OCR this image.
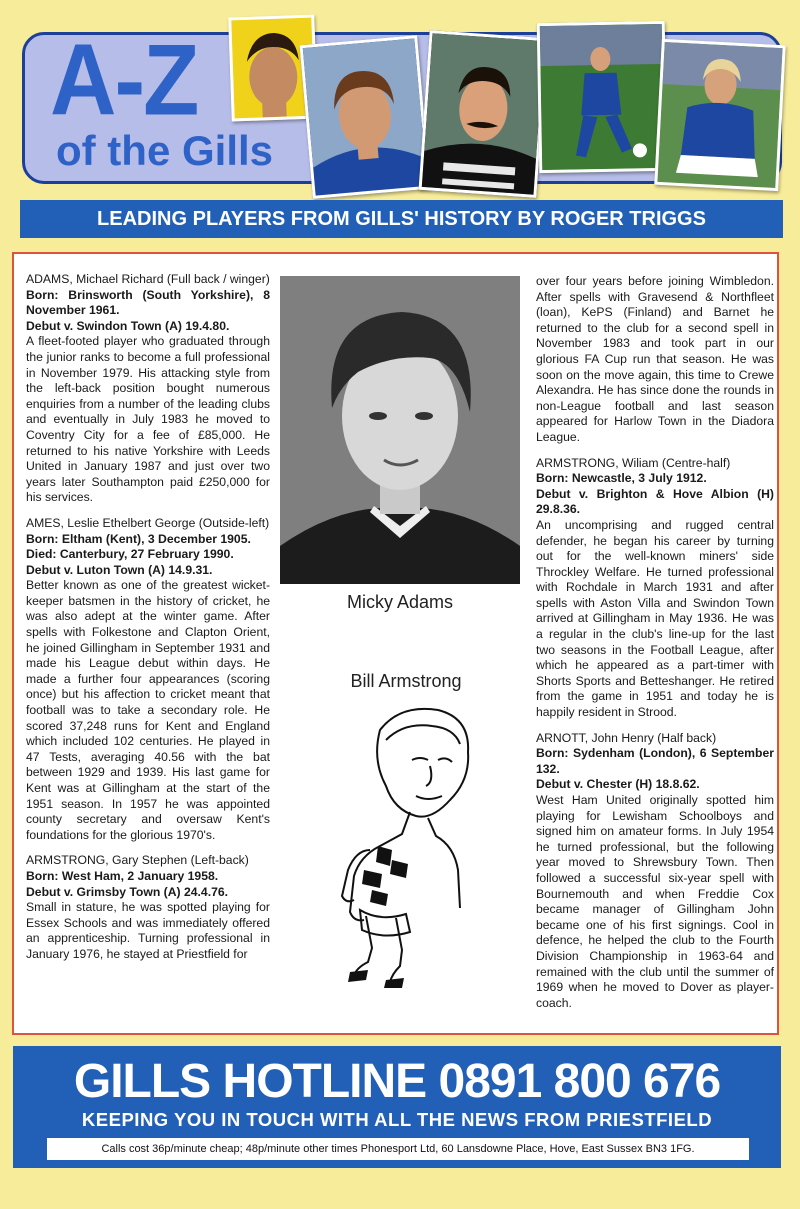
A-Z
of the Gills
LEADING PLAYERS FROM GILLS' HISTORY BY ROGER TRIGGS

ADAMS, Michael Richard (Full back / winger)

Born: Brinsworth (South Yorkshire), 8 November 1961.

Debut v. Swindon Town (A) 19.4.80.

A fleet-footed player who graduated through the junior ranks to become a full professional in November 1979. His attacking style from the left-back position bought numerous enquiries from a number of the leading clubs and eventually in July 1983 he moved to Coventry City for a fee of £85,000. He returned to his native Yorkshire with Leeds United in January 1987 and just over two years later Southampton paid £250,000 for his services.

AMES, Leslie Ethelbert George (Outside-left)

Born: Eltham (Kent), 3 December 1905.

Died: Canterbury, 27 February 1990.

Debut v. Luton Town (A) 14.9.31.

Better known as one of the greatest wicket-keeper batsmen in the history of cricket, he was also adept at the winter game. After spells with Folkestone and Clapton Orient, he joined Gillingham in September 1931 and made his League debut within days. He made a further four appearances (scoring once) but his affection to cricket meant that football was to take a secondary role. He scored 37,248 runs for Kent and England which included 102 centuries. He played in 47 Tests, averaging 40.56 with the bat between 1929 and 1939. His last game for Kent was at Gillingham at the start of the 1951 season. In 1957 he was appointed county secretary and oversaw Kent's foundations for the glorious 1970's.

ARMSTRONG, Gary Stephen (Left-back)

Born: West Ham, 2 January 1958.

Debut v. Grimsby Town (A) 24.4.76.

Small in stature, he was spotted playing for Essex Schools and was immediately offered an apprenticeship. Turning professional in January 1976, he stayed at Priestfield for

Micky Adams
Bill Armstrong

over four years before joining Wimbledon. After spells with Gravesend & Northfleet (loan), KePS (Finland) and Barnet he returned to the club for a second spell in November 1983 and took part in our glorious FA Cup run that season. He was soon on the move again, this time to Crewe Alexandra. He has since done the rounds in non-League football and last season appeared for Harlow Town in the Diadora League.

ARMSTRONG, Wiliam (Centre-half)

Born: Newcastle, 3 July 1912.

Debut v. Brighton & Hove Albion (H) 29.8.36.

An uncomprising and rugged central defender, he began his career by turning out for the well-known miners' side Throckley Welfare. He turned professional with Rochdale in March 1931 and after spells with Aston Villa and Swindon Town arrived at Gillingham in May 1936. He was a regular in the club's line-up for the last two seasons in the Football League, after which he appeared as a part-timer with Shorts Sports and Betteshanger. He retired from the game in 1951 and today he is happily resident in Strood.

ARNOTT, John Henry (Half back)

Born: Sydenham (London), 6 September 132.

Debut v. Chester (H) 18.8.62.

West Ham United originally spotted him playing for Lewisham Schoolboys and signed him on amateur forms. In July 1954 he turned professional, but the following year moved to Shrewsbury Town. Then followed a successful six-year spell with Bournemouth and when Freddie Cox became manager of Gillingham John became one of his first signings. Cool in defence, he helped the club to the Fourth Division Championship in 1963-64 and remained with the club until the summer of 1969 when he moved to Dover as player-coach.

GILLS HOTLINE 0891 800 676
KEEPING YOU IN TOUCH WITH ALL THE NEWS FROM PRIESTFIELD
Calls cost 36p/minute cheap; 48p/minute other times Phonesport Ltd, 60 Lansdowne Place, Hove, East Sussex BN3 1FG.
